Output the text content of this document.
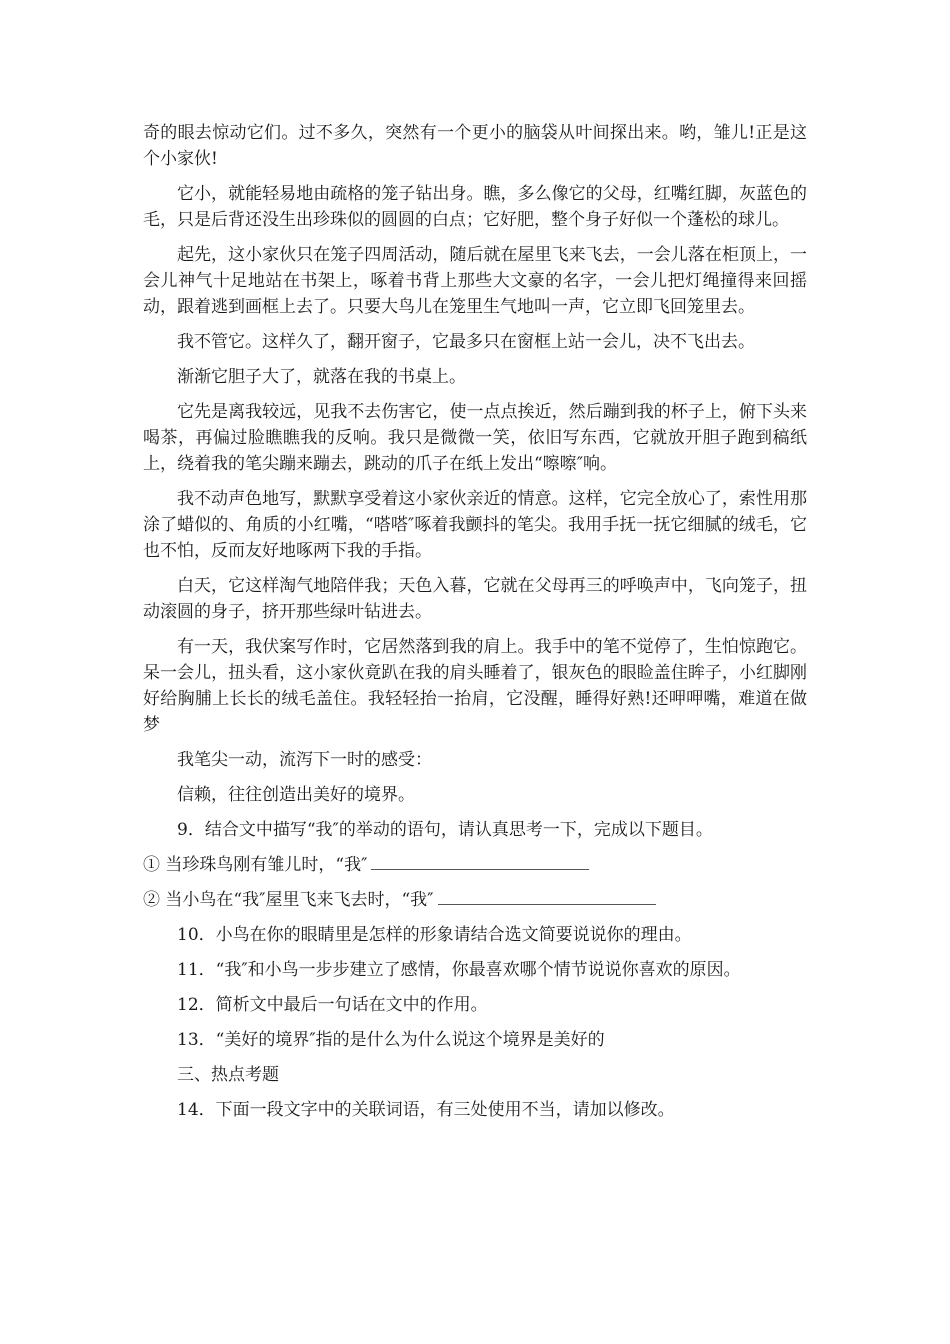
奇的眼去惊动它们。过不多久，突然有一个更小的脑袋从叶间探出来。哟，雏儿!正是这个小家伙!

它小，就能轻易地由疏格的笼子钻出身。瞧，多么像它的父母，红嘴红脚，灰蓝色的毛，只是后背还没生出珍珠似的圆圆的白点；它好肥，整个身子好似一个蓬松的球儿。

起先，这小家伙只在笼子四周活动，随后就在屋里飞来飞去，一会儿落在柜顶上，一会儿神气十足地站在书架上，啄着书背上那些大文豪的名字，一会儿把灯绳撞得来回摇动，跟着逃到画框上去了。只要大鸟儿在笼里生气地叫一声，它立即飞回笼里去。

我不管它。这样久了，翻开窗子，它最多只在窗框上站一会儿，决不飞出去。

渐渐它胆子大了，就落在我的书桌上。

它先是离我较远，见我不去伤害它，使一点点挨近，然后蹦到我的杯子上，俯下头来喝茶，再偏过脸瞧瞧我的反响。我只是微微一笑，依旧写东西，它就放开胆子跑到稿纸上，绕着我的笔尖蹦来蹦去，跳动的爪子在纸上发出“嚓嚓″响。

我不动声色地写，默默享受着这小家伙亲近的情意。这样，它完全放心了，索性用那涂了蜡似的、角质的小红嘴，“嗒嗒″啄着我颤抖的笔尖。我用手抚一抚它细腻的绒毛，它也不怕，反而友好地啄两下我的手指。

白天，它这样淘气地陪伴我；天色入暮，它就在父母再三的呼唤声中，飞向笼子，扭动滚圆的身子，挤开那些绿叶钻进去。

有一天，我伏案写作时，它居然落到我的肩上。我手中的笔不觉停了，生怕惊跑它。呆一会儿，扭头看，这小家伙竟趴在我的肩头睡着了，银灰色的眼睑盖住眸子，小红脚刚好给胸脯上长长的绒毛盖住。我轻轻抬一抬肩，它没醒，睡得好熟!还呷呷嘴，难道在做梦

我笔尖一动，流泻下一时的感受：

信赖，往往创造出美好的境界。

9．结合文中描写“我″的举动的语句，请认真思考一下，完成以下题目。

① 当珍珠鸟刚有雏儿时，“我″

② 当小鸟在“我″屋里飞来飞去时，“我″

10．小鸟在你的眼睛里是怎样的形象请结合选文简要说说你的理由。

11．“我″和小鸟一步步建立了感情，你最喜欢哪个情节说说你喜欢的原因。

12．简析文中最后一句话在文中的作用。

13．“美好的境界″指的是什么为什么说这个境界是美好的

三、热点考题

14．下面一段文字中的关联词语，有三处使用不当，请加以修改。
